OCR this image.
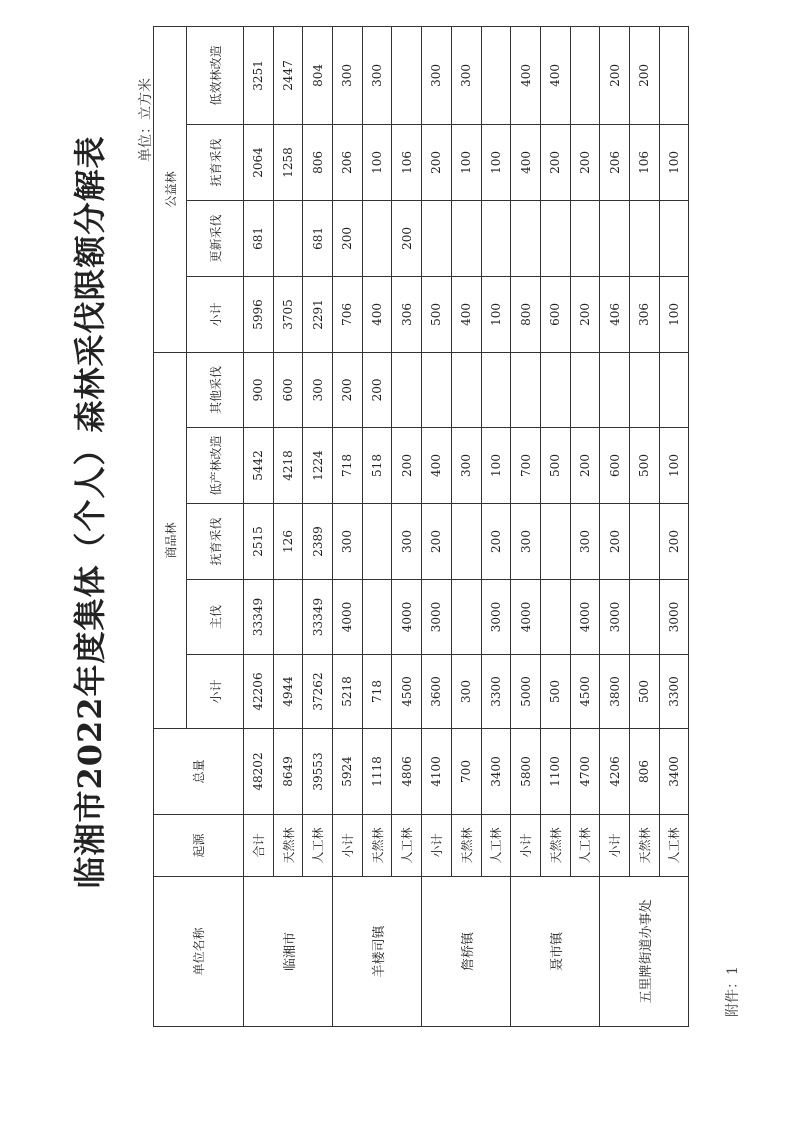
附件：1
临湘市2022年度集体（个人）森林采伐限额分解表
单位：立方米
单位名称	起源	总量	商品林					公益林			
			小计	主伐	抚育采伐	低产林改造	其他采伐	小计	更新采伐	抚育采伐	低效林改造
临湘市	合计	48202	42206	33349	2515	5442	900	5996	681	2064	3251
	天然林	8649	4944		126	4218	600	3705		1258	2447
	人工林	39553	37262	33349	2389	1224	300	2291	681	806	804
羊楼司镇	小计	5924	5218	4000	300	718	200	706	200	206	300
	天然林	1118	718			518	200	400		100	300
	人工林	4806	4500	4000	300	200		306	200	106	
詹桥镇	小计	4100	3600	3000	200	400		500		200	300
	天然林	700	300			300		400		100	300
	人工林	3400	3300	3000	200	100		100		100	
聂市镇	小计	5800	5000	4000	300	700		800		400	400
	天然林	1100	500			500		600		200	400
	人工林	4700	4500	4000	300	200		200		200	
五里牌街道办事处	小计	4206	3800	3000	200	600		406		206	200
	天然林	806	500			500		306		106	200
	人工林	3400	3300	3000	200	100		100		100	
